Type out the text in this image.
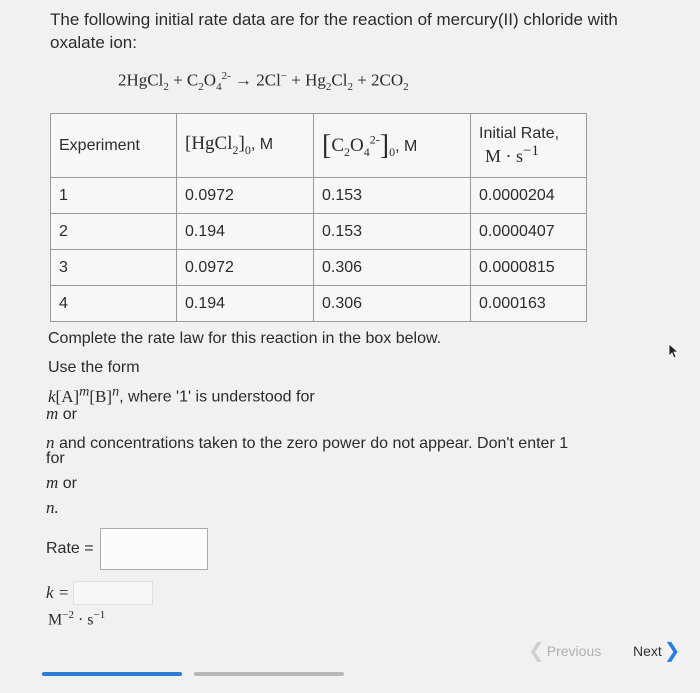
The following initial rate data are for the reaction of mercury(II) chloride with oxalate ion:

2HgCl$_2$ + $C_2O_4^{2-} \to 2Cl^- + Hg_2Cl_2 + 2CO_2$
Experiment	$[HgCl_2]_0$, M	$[C_2O_4^{2-}]_0$, M	Initial Rate,
$M \cdot s^{-1}$

1	0.0972	0.153	0.0000204
2	0.194	0.153	0.0000407
3	0.0972	0.306	0.0000815
4	0.194	0.306	0.000163

Complete the rate law for this reaction in the box below.

Use the form

$k[A]^m[B]^n$, where '1' is understood for

m or

n and concentrations taken to the zero power do not appear. Don't enter 1

for

m or

n.

Rate =
k =
$M^{-2} \cdot s^{-1}$
❮ Previous Next ❯
